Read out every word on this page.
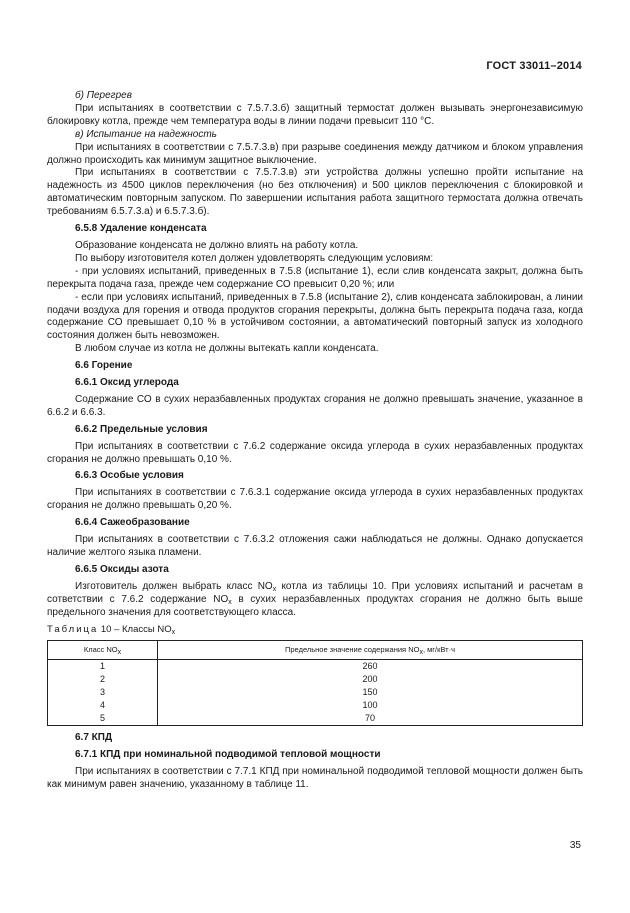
ГОСТ 33011–2014

б) Перегрев

При испытаниях в соответствии с 7.5.7.3.б) защитный термостат должен вызывать энергонезависимую блокировку котла, прежде чем температура воды в линии подачи превысит 110 °С.

в) Испытание на надежность

При испытаниях в соответствии с 7.5.7.3.в) при разрыве соединения между датчиком и блоком управления должно происходить как минимум защитное выключение.

При испытаниях в соответствии с 7.5.7.3.в) эти устройства должны успешно пройти испытание на надежность из 4500 циклов переключения (но без отключения) и 500 циклов переключения с блокировкой и автоматическим повторным запуском. По завершении испытания работа защитного термостата должна отвечать требованиям 6.5.7.3.а) и 6.5.7.3.б).

6.5.8 Удаление конденсата

Образование конденсата не должно влиять на работу котла.

По выбору изготовителя котел должен удовлетворять следующим условиям:

- при условиях испытаний, приведенных в 7.5.8 (испытание 1), если слив конденсата закрыт, должна быть перекрыта подача газа, прежде чем содержание СО превысит 0,20 %; или

- если при условиях испытаний, приведенных в 7.5.8 (испытание 2), слив конденсата заблокирован, а линии подачи воздуха для горения и отвода продуктов сгорания перекрыты, должна быть перекрыта подача газа, когда содержание СО превышает 0,10 % в устойчивом состоянии, а автоматический повторный запуск из холодного состояния должен быть невозможен.

В любом случае из котла не должны вытекать капли конденсата.

6.6 Горение

6.6.1 Оксид углерода

Содержание СО в сухих неразбавленных продуктах сгорания не должно превышать значение, указанное в 6.6.2 и 6.6.3.

6.6.2 Предельные условия

При испытаниях в соответствии с 7.6.2 содержание оксида углерода в сухих неразбавленных продуктах сгорания не должно превышать 0,10 %.

6.6.3 Особые условия

При испытаниях в соответствии с 7.6.3.1 содержание оксида углерода в сухих неразбавленных продуктах сгорания не должно превышать 0,20 %.

6.6.4 Сажеобразование

При испытаниях в соответствии с 7.6.3.2 отложения сажи наблюдаться не должны. Однако допускается наличие желтого языка пламени.

6.6.5 Оксиды азота

Изготовитель должен выбрать класс $NO_x$ котла из таблицы 10. При условиях испытаний и расчетам в сответствии с 7.6.2 содержание $NO_x$ в сухих неразбавленных продуктах сгорания не должно быть выше предельного значения для соответствующего класса.

Таблица 10 – Классы $NO_x$
Класс $NO_x$	Предельное значение содержания $NO_x$, мг/кВт·ч
1	260
2	200
3	150
4	100
5	70

6.7 КПД

6.7.1 КПД при номинальной подводимой тепловой мощности

При испытаниях в соответствии с 7.7.1 КПД при номинальной подводимой тепловой мощности должен быть как минимум равен значению, указанному в таблице 11.

35
